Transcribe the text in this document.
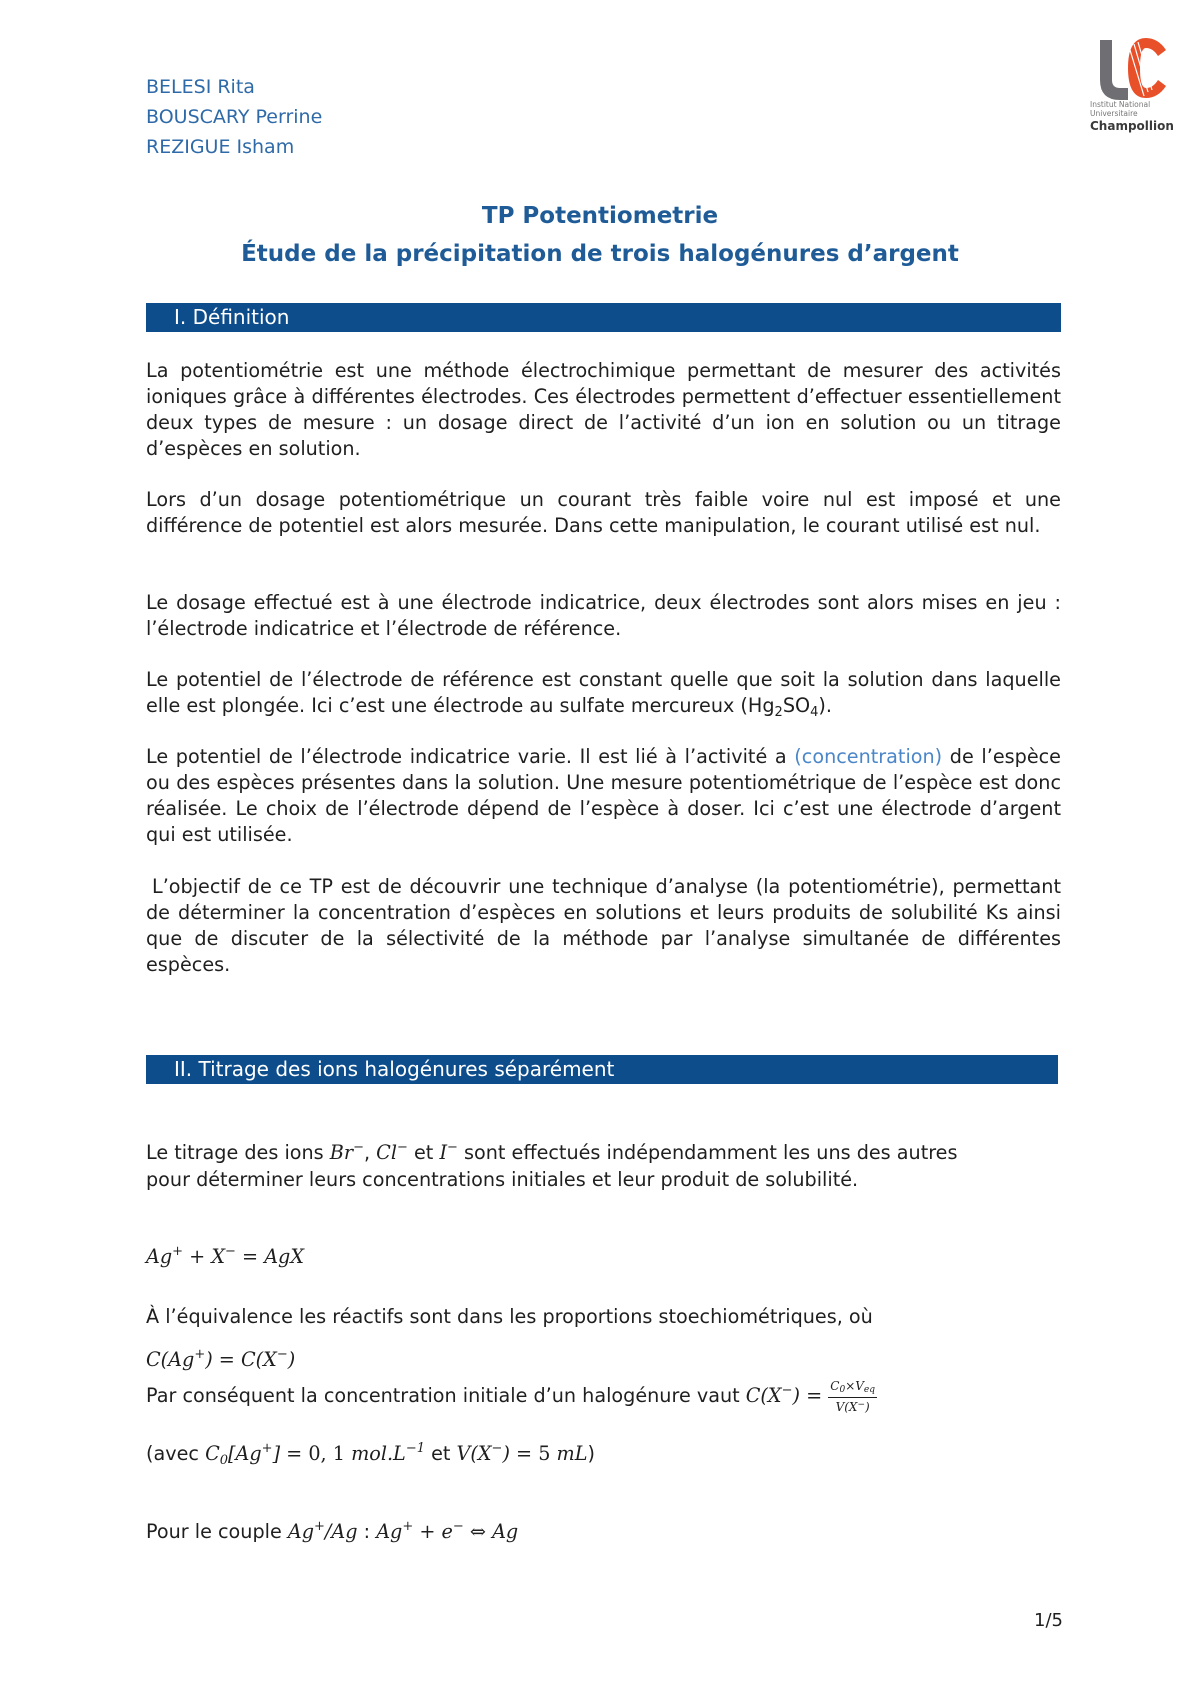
BELESI Rita
BOUSCARY Perrine
REZIGUE Isham
Institut National
Universitaire
Champollion
TP Potentiometrie
Étude de la précipitation de trois halogénures d’argent
I. Définition
La potentiométrie est une méthode électrochimique permettant de mesurer des activités ioniques grâce à différentes électrodes. Ces électrodes permettent d’effectuer essentiellement deux types de mesure : un dosage direct de l’activité d’un ion en solution ou un titrage d’espèces en solution.
Lors d’un dosage potentiométrique un courant très faible voire nul est imposé et une différence de potentiel est alors mesurée. Dans cette manipulation, le courant utilisé est nul.
Le dosage effectué est à une électrode indicatrice, deux électrodes sont alors mises en jeu : l’électrode indicatrice et l’électrode de référence.
Le potentiel de l’électrode de référence est constant quelle que soit la solution dans laquelle elle est plongée. Ici c’est une électrode au sulfate mercureux $(Hg_2SO_4)$.
Le potentiel de l’électrode indicatrice varie. Il est lié à l’activité a (concentration) de l’espèce ou des espèces présentes dans la solution. Une mesure potentiométrique de l’espèce est donc réalisée. Le choix de l’électrode dépend de l’espèce à doser. Ici c’est une électrode d’argent qui est utilisée.
L’objectif de ce TP est de découvrir une technique d’analyse (la potentiométrie), permettant de déterminer la concentration d’espèces en solutions et leurs produits de solubilité Ks ainsi que de discuter de la sélectivité de la méthode par l’analyse simultanée de différentes espèces.
II. Titrage des ions halogénures séparément
Le titrage des ions Br−, Cl− et I− sont effectués indépendamment les uns des autres
pour déterminer leurs concentrations initiales et leur produit de solubilité.
Ag+ + X− = AgX
À l’équivalence les réactifs sont dans les proportions stoechiométriques, où
C(Ag+) = C(X−)
Par conséquent la concentration initiale d’un halogénure vaut $C(X^-) = \frac{C_0\times V_{eq}}{V(X^-)}$
(avec $C_0[Ag^+] = 0$, 1 $mol.L^{-1}$ et V(X−) = 5 mL)
Pour le couple Ag+/Ag : Ag+ + e− ⇔ Ag
1/5
